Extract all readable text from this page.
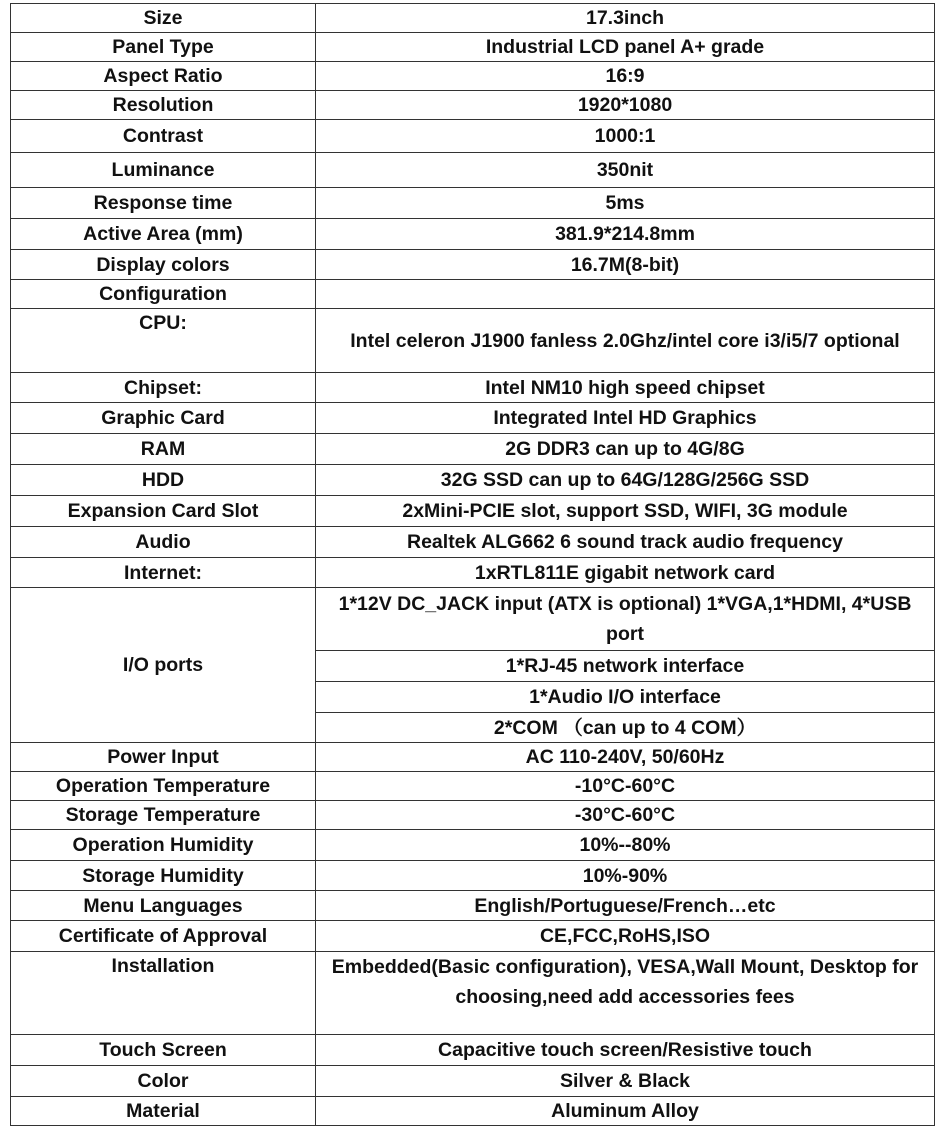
Size	17.3inch
Panel Type	Industrial LCD panel A+ grade
Aspect Ratio	16:9
Resolution	1920*1080
Contrast	1000:1
Luminance	350nit
Response time	5ms
Active Area (mm)	381.9*214.8mm
Display colors	16.7M(8-bit)
Configuration	
CPU:	Intel celeron J1900 fanless 2.0Ghz/intel core i3/i5/7 optional
Chipset:	Intel NM10 high speed chipset
Graphic Card	Integrated Intel HD Graphics
RAM	2G DDR3 can up to 4G/8G
HDD	32G SSD can up to 64G/128G/256G SSD
Expansion Card Slot	2xMini-PCIE slot, support SSD, WIFI, 3G module
Audio	Realtek ALG662 6 sound track audio frequency
Internet:	1xRTL811E gigabit network card
I/O ports	1*12V DC_JACK input (ATX is optional) 1*VGA,1*HDMI, 4*USB port
	1*RJ-45 network interface
	1*Audio I/O interface
	2*COM （can up to 4 COM）
Power Input	AC 110-240V, 50/60Hz
Operation Temperature	-10°C-60°C
Storage Temperature	-30°C-60°C
Operation Humidity	10%--80%
Storage Humidity	10%-90%
Menu Languages	English/Portuguese/French…etc
Certificate of Approval	CE,FCC,RoHS,ISO
Installation	Embedded(Basic configuration), VESA,Wall Mount, Desktop for choosing,need add accessories fees
Touch Screen	Capacitive touch screen/Resistive touch
Color	Silver & Black
Material	Aluminum Alloy
